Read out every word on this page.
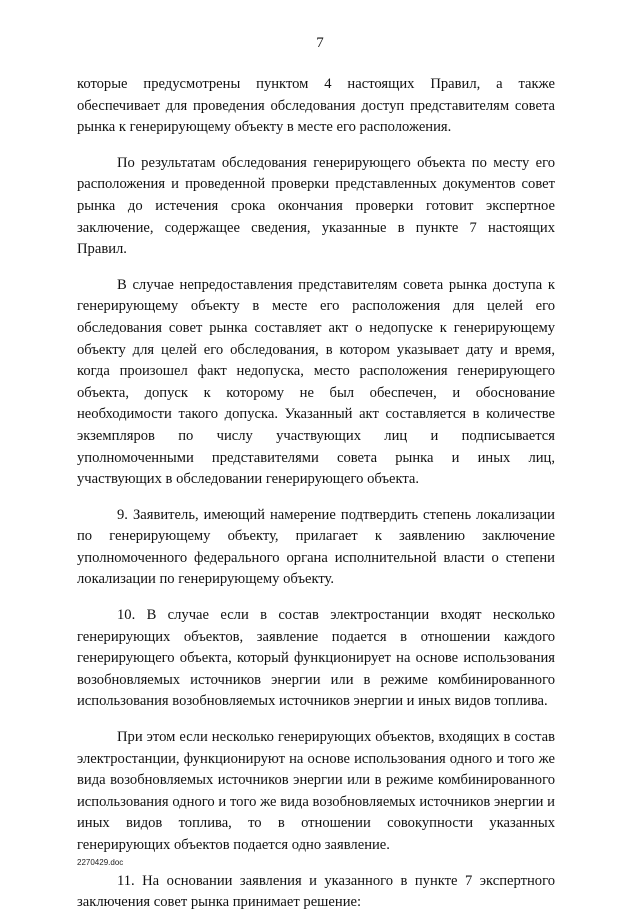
7

которые предусмотрены пунктом 4 настоящих Правил, а также обеспечивает для проведения обследования доступ представителям совета рынка к генерирующему объекту в месте его расположения.

По результатам обследования генерирующего объекта по месту его расположения и проведенной проверки представленных документов совет рынка до истечения срока окончания проверки готовит экспертное заключение, содержащее сведения, указанные в пункте 7 настоящих Правил.

В случае непредоставления представителям совета рынка доступа к генерирующему объекту в месте его расположения для целей его обследования совет рынка составляет акт о недопуске к генерирующему объекту для целей его обследования, в котором указывает дату и время, когда произошел факт недопуска, место расположения генерирующего объекта, допуск к которому не был обеспечен, и обоснование необходимости такого допуска. Указанный акт составляется в количестве экземпляров по числу участвующих лиц и подписывается уполномоченными представителями совета рынка и иных лиц, участвующих в обследовании генерирующего объекта.

9. Заявитель, имеющий намерение подтвердить степень локализации по генерирующему объекту, прилагает к заявлению заключение уполномоченного федерального органа исполнительной власти о степени локализации по генерирующему объекту.

10. В случае если в состав электростанции входят несколько генерирующих объектов, заявление подается в отношении каждого генерирующего объекта, который функционирует на основе использования возобновляемых источников энергии или в режиме комбинированного использования возобновляемых источников энергии и иных видов топлива.

При этом если несколько генерирующих объектов, входящих в состав электростанции, функционируют на основе использования одного и того же вида возобновляемых источников энергии или в режиме комбинированного использования одного и того же вида возобновляемых источников энергии и иных видов топлива, то в отношении совокупности указанных генерирующих объектов подается одно заявление.

11. На основании заявления и указанного в пункте 7 экспертного заключения совет рынка принимает решение:

2270429.doc
